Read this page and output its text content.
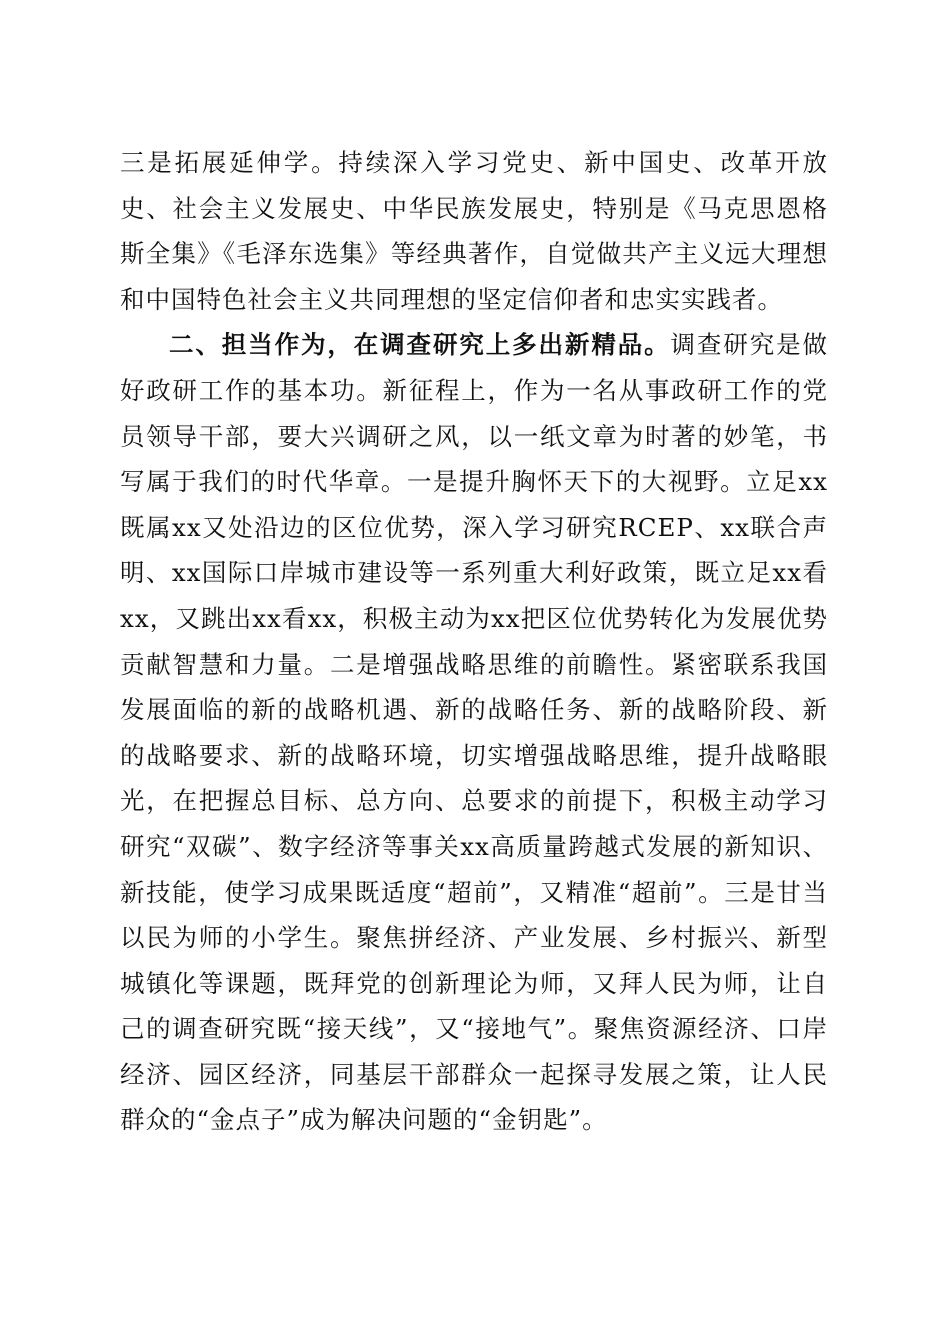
三是拓展延伸学。持续深入学习党史、新中国史、改革开放史、社会主义发展史、中华民族发展史，特别是《马克思恩格斯全集》《毛泽东选集》等经典著作，自觉做共产主义远大理想和中国特色社会主义共同理想的坚定信仰者和忠实实践者。

二、担当作为，在调查研究上多出新精品。调查研究是做好政研工作的基本功。新征程上，作为一名从事政研工作的党员领导干部，要大兴调研之风，以一纸文章为时著的妙笔，书写属于我们的时代华章。一是提升胸怀天下的大视野。立足xx既属xx又处沿边的区位优势，深入学习研究RCEP、xx联合声明、xx国际口岸城市建设等一系列重大利好政策，既立足xx看xx，又跳出xx看xx，积极主动为xx把区位优势转化为发展优势贡献智慧和力量。二是增强战略思维的前瞻性。紧密联系我国发展面临的新的战略机遇、新的战略任务、新的战略阶段、新的战略要求、新的战略环境，切实增强战略思维，提升战略眼光，在把握总目标、总方向、总要求的前提下，积极主动学习研究“双碳”、数字经济等事关xx高质量跨越式发展的新知识、新技能，使学习成果既适度“超前”，又精准“超前”。三是甘当以民为师的小学生。聚焦拼经济、产业发展、乡村振兴、新型城镇化等课题，既拜党的创新理论为师，又拜人民为师，让自己的调查研究既“接天线”，又“接地气”。聚焦资源经济、口岸经济、园区经济，同基层干部群众一起探寻发展之策，让人民群众的“金点子”成为解决问题的“金钥匙”。
